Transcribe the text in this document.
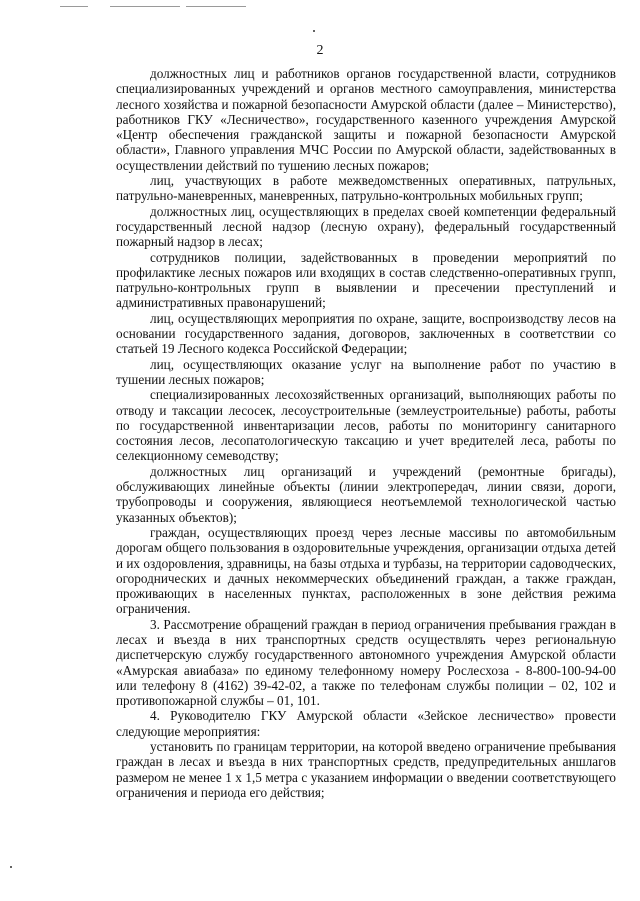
2

должностных лиц и работников органов государственной власти, сотрудников специализированных учреждений и органов местного самоуправления, министерства лесного хозяйства и пожарной безопасности Амурской области (далее – Министерство), работников ГКУ «Лесничество», государственного казенного учреждения Амурской «Центр обеспечения гражданской защиты и пожарной безопасности Амурской области», Главного управления МЧС России по Амурской области, задействованных в осуществлении действий по тушению лесных пожаров;

лиц, участвующих в работе межведомственных оперативных, патрульных, патрульно-маневренных, маневренных, патрульно-контрольных мобильных групп;

должностных лиц, осуществляющих в пределах своей компетенции федеральный государственный лесной надзор (лесную охрану), федеральный государственный пожарный надзор в лесах;

сотрудников полиции, задействованных в проведении мероприятий по профилактике лесных пожаров или входящих в состав следственно-оперативных групп, патрульно-контрольных групп в выявлении и пресечении преступлений и административных правонарушений;

лиц, осуществляющих мероприятия по охране, защите, воспроизводству лесов на основании государственного задания, договоров, заключенных в соответствии со статьей 19 Лесного кодекса Российской Федерации;

лиц, осуществляющих оказание услуг на выполнение работ по участию в тушении лесных пожаров;

специализированных лесохозяйственных организаций, выполняющих работы по отводу и таксации лесосек, лесоустроительные (землеустроительные) работы, работы по государственной инвентаризации лесов, работы по мониторингу санитарного состояния лесов, лесопатологическую таксацию и учет вредителей леса, работы по селекционному семеводству;

должностных лиц организаций и учреждений (ремонтные бригады), обслуживающих линейные объекты (линии электропередач, линии связи, дороги, трубопроводы и сооружения, являющиеся неотъемлемой технологической частью указанных объектов);

граждан, осуществляющих проезд через лесные массивы по автомобильным дорогам общего пользования в оздоровительные учреждения, организации отдыха детей и их оздоровления, здравницы, на базы отдыха и турбазы, на территории садоводческих, огороднических и дачных некоммерческих объединений граждан, а также граждан, проживающих в населенных пунктах, расположенных в зоне действия режима ограничения.

3. Рассмотрение обращений граждан в период ограничения пребывания граждан в лесах и въезда в них транспортных средств осуществлять через региональную диспетчерскую службу государственного автономного учреждения Амурской области «Амурская авиабаза» по единому телефонному номеру Рослесхоза - 8-800-100-94-00 или телефону 8 (4162) 39-42-02, а также по телефонам службы полиции – 02, 102 и противопожарной службы – 01, 101.

4. Руководителю ГКУ Амурской области «Зейское лесничество» провести следующие мероприятия:

установить по границам территории, на которой введено ограничение пребывания граждан в лесах и въезда в них транспортных средств, предупредительных аншлагов размером не менее 1 х 1,5 метра с указанием информации о введении соответствующего ограничения и периода его действия;
